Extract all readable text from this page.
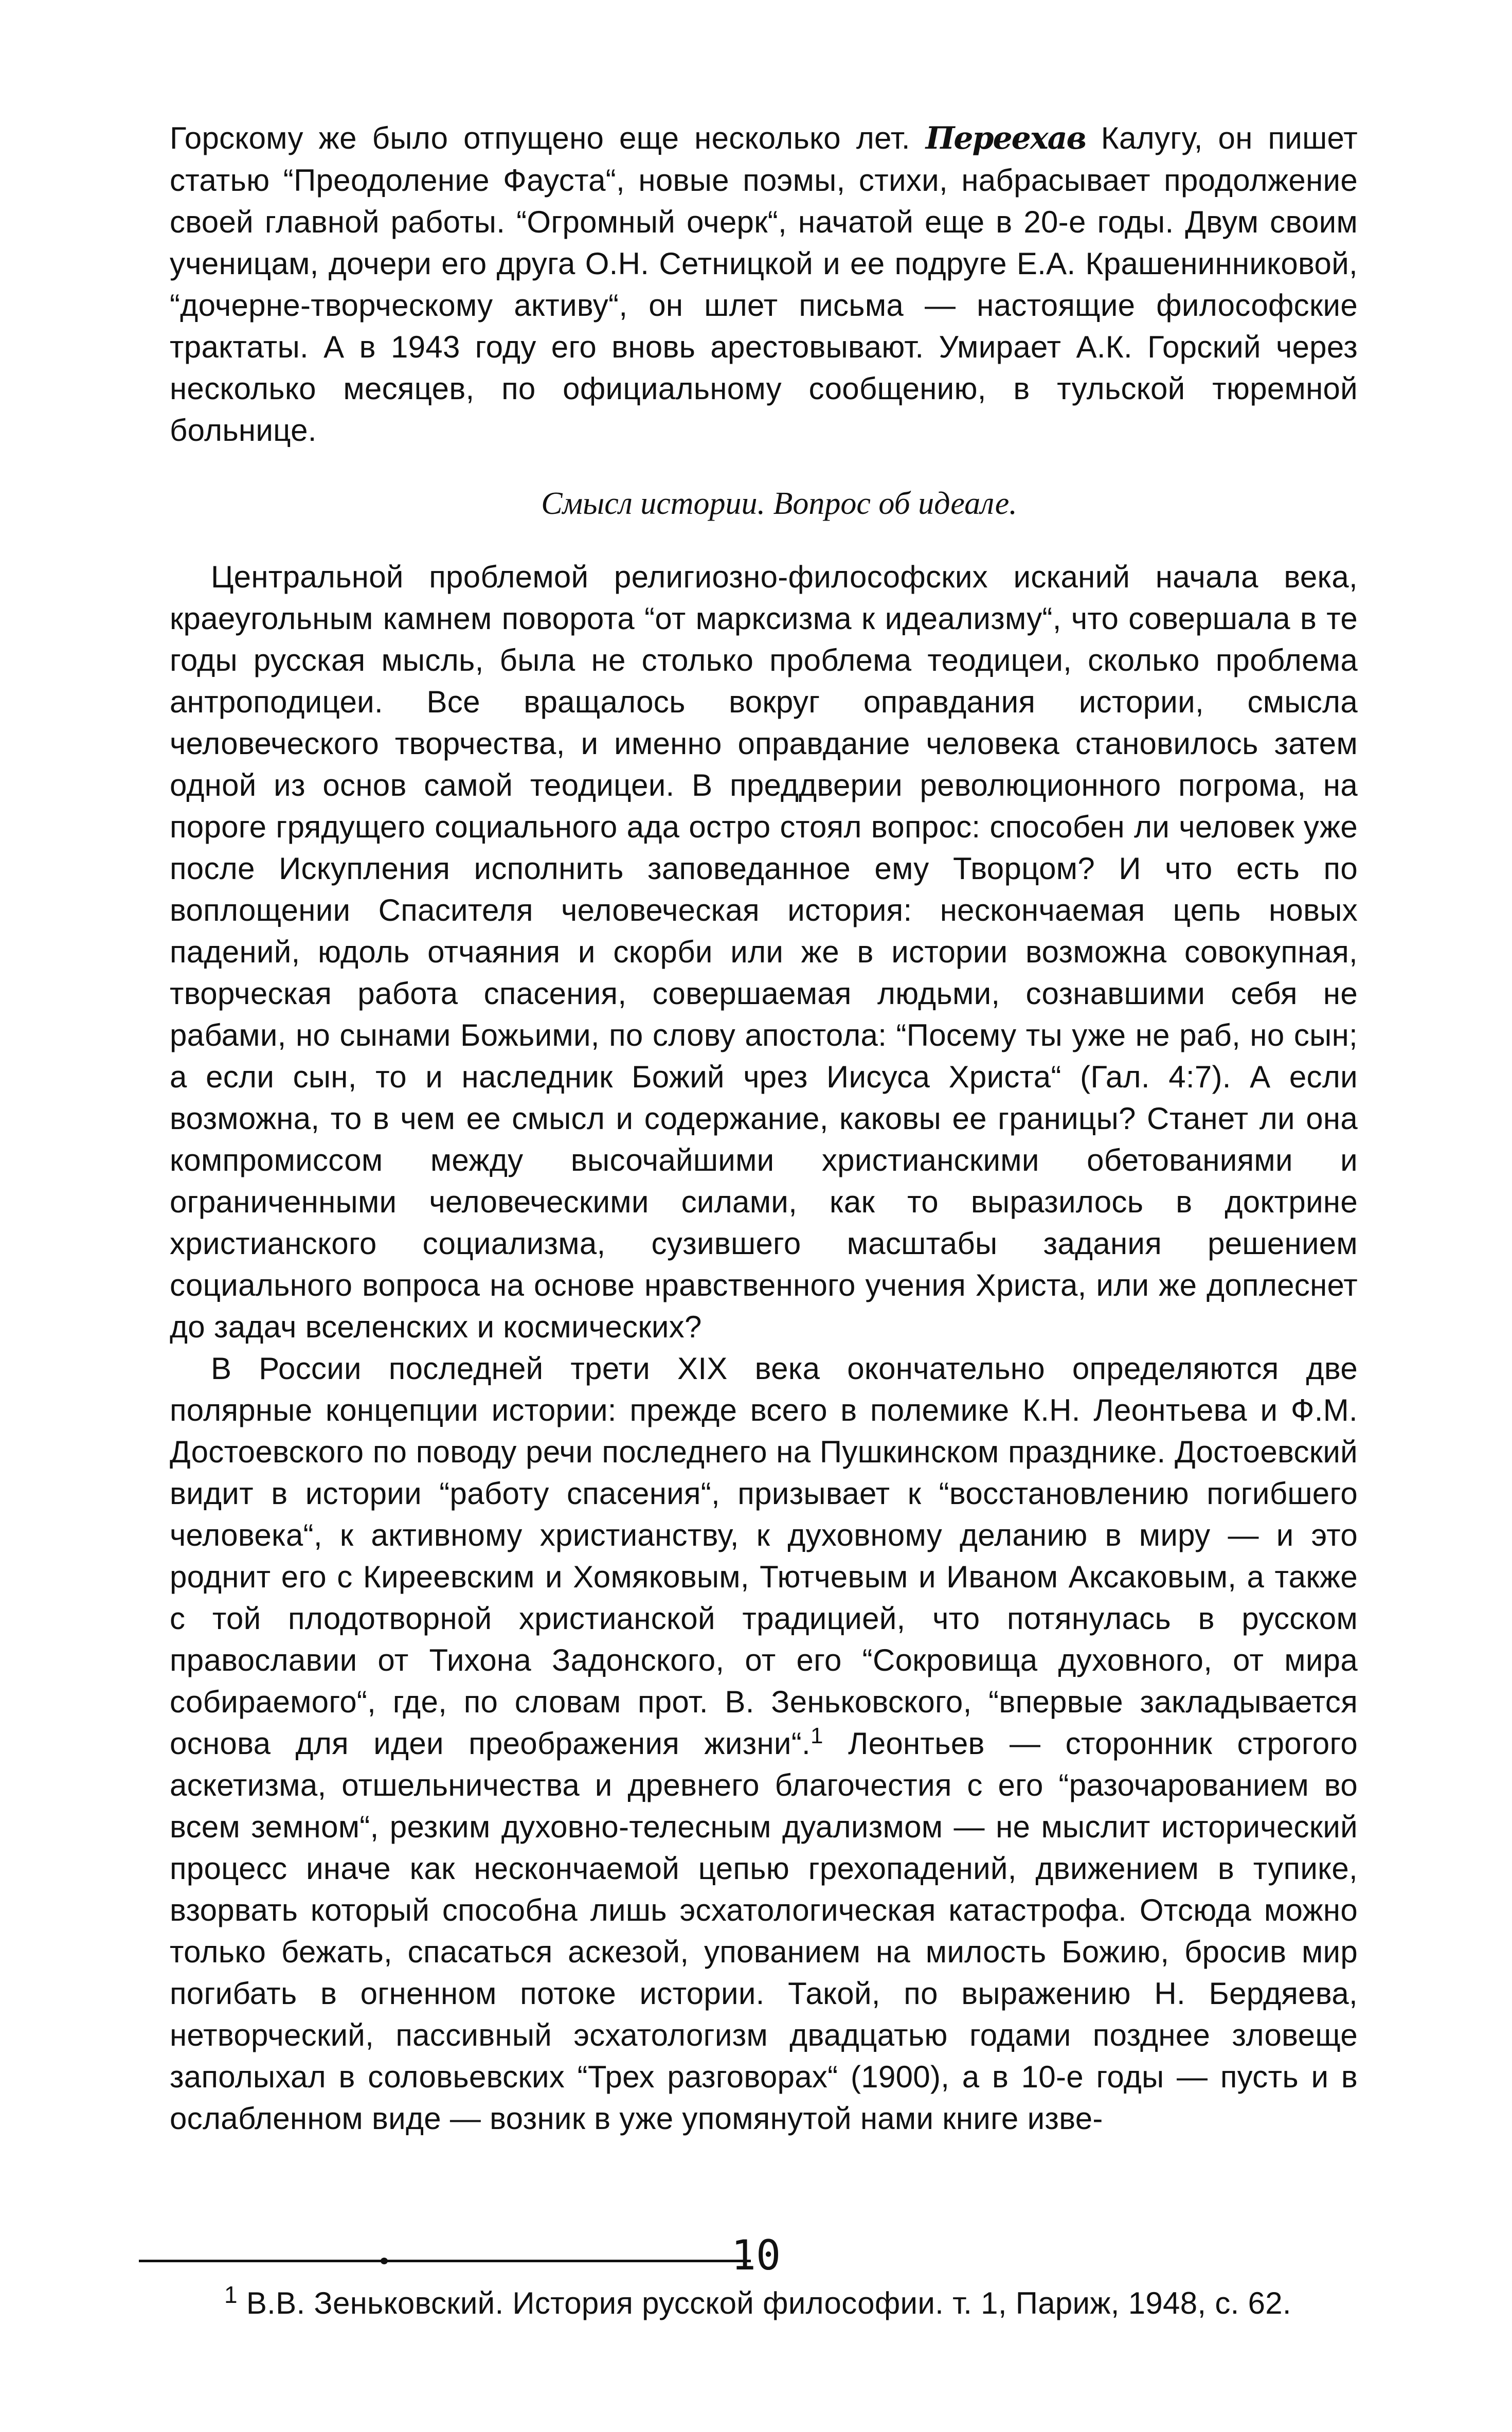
Горскому же было отпущено еще несколько лет. Переехав Калугу, он пишет статью “Преодоление Фауста“, новые поэмы, стихи, набрасывает продолжение своей главной работы. “Огромный очерк“, начатой еще в 20-е годы. Двум своим ученицам, дочери его друга О.Н. Сетницкой и ее подруге Е.А. Крашенинниковой, “дочерне-творческому активу“, он шлет письма — настоящие философские трактаты. А в 1943 году его вновь арестовывают. Умирает А.К. Горский через несколько месяцев, по официальному сообщению, в тульской тюремной больнице.

Смысл истории. Вопрос об идеале.

Центральной проблемой религиозно-философских исканий начала века, краеугольным камнем поворота “от марксизма к идеализму“, что совершала в те годы русская мысль, была не столько проблема теодицеи, сколько проблема антроподицеи. Все вращалось вокруг оправдания истории, смысла человеческого творчества, и именно оправдание человека становилось затем одной из основ самой теодицеи. В преддверии революционного погрома, на пороге грядущего социального ада остро стоял вопрос: способен ли человек уже после Искупления исполнить заповеданное ему Творцом? И что есть по воплощении Спасителя человеческая история: нескончаемая цепь новых падений, юдоль отчаяния и скорби или же в истории возможна совокупная, творческая работа спасения, совершаемая людьми, сознавшими себя не рабами, но сынами Божьими, по слову апостола: “Посему ты уже не раб, но сын; а если сын, то и наследник Божий чрез Иисуса Христа“ (Гал. 4:7). А если возможна, то в чем ее смысл и содержание, каковы ее границы? Станет ли она компромиссом между высочайшими христианскими обетованиями и ограниченными человеческими силами, как то выразилось в доктрине христианского социализма, сузившего масштабы задания решением социального вопроса на основе нравственного учения Христа, или же доплеснет до задач вселенских и космических?

В России последней трети XIX века окончательно определяются две полярные концепции истории: прежде всего в полемике К.Н. Леонтьева и Ф.М. Достоевского по поводу речи последнего на Пушкинском празднике. Достоевский видит в истории “работу спасения“, призывает к “восстановлению погибшего человека“, к активному христианству, к духовному деланию в миру — и это роднит его с Киреевским и Хомяковым, Тютчевым и Иваном Аксаковым, а также с той плодотворной христианской традицией, что потянулась в русском православии от Тихона Задонского, от его “Сокровища духовного, от мира собираемого“, где, по словам прот. В. Зеньковского, “впервые закладывается основа для идеи преображения жизни“.$^1$ Леонтьев — сторонник строгого аскетизма, отшельничества и древнего благочестия с его “разочарованием во всем земном“, резким духовно-телесным дуализмом — не мыслит исторический процесс иначе как нескончаемой цепью грехопадений, движением в тупике, взорвать который способна лишь эсхатологическая катастрофа. Отсюда можно только бежать, спасаться аскезой, упованием на милость Божию, бросив мир погибать в огненном потоке истории. Такой, по выражению Н. Бердяева, нетворческий, пассивный эсхатологизм двадцатью годами позднее зловеще заполыхал в соловьевских “Трех разговорах“ (1900), а в 10-е годы — пусть и в ослабленном виде — возник в уже упомянутой нами книге изве-

$^1$ В.В. Зеньковский. История русской философии. т. 1, Париж, 1948, с. 62.

10
